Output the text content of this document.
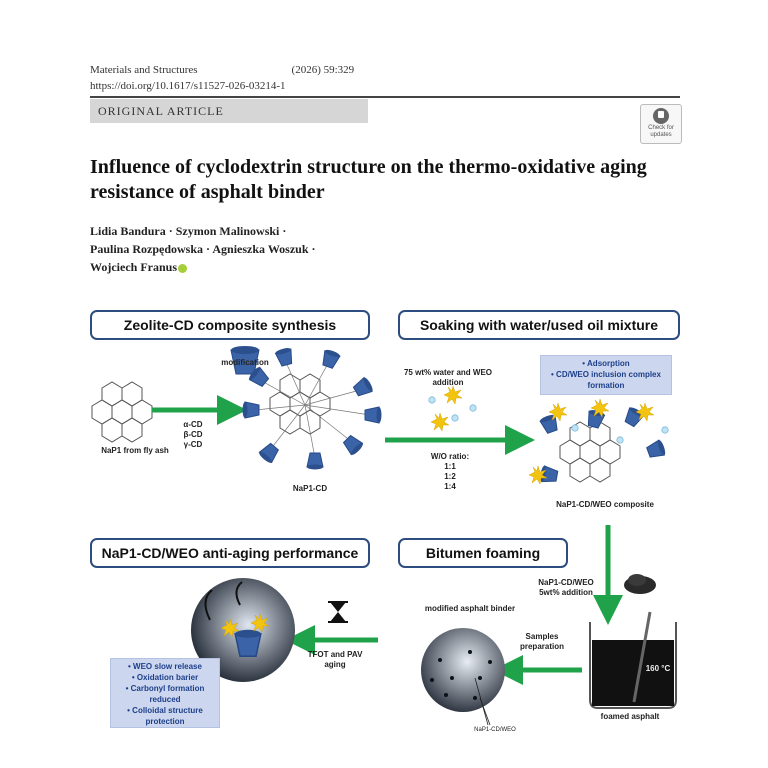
Materials and Structures	(2026) 59:329
https://doi.org/10.1617/s11527-026-03214-1
ORIGINAL ARTICLE
Check for updates
Influence of cyclodextrin structure on the thermo-oxidative aging resistance of asphalt binder
Lidia Bandura · Szymon Malinowski ·
Paulina Rozpędowska · Agnieszka Woszuk ·
Wojciech Franus
Zeolite-CD composite synthesis	Soaking with water/used oil mixture
NaP1-CD/WEO anti-aging performance	Bitumen foaming
modification
NaP1 from fly ash
α-CD
β-CD
γ-CD
NaP1-CD
75 wt% water and WEO
addition
W/O ratio:
1:1
1:2
1:4
• Adsorption
• CD/WEO inclusion complex
formation
NaP1-CD/WEO composite
NaP1-CD/WEO
5wt% addition
160 °C
foamed asphalt
Samples
preparation
modified asphalt binder
NaP1-CD/WEO
TFOT and PAV
aging
• WEO slow release
• Oxidation barier
• Carbonyl formation
reduced
• Colloidal structure
protection
